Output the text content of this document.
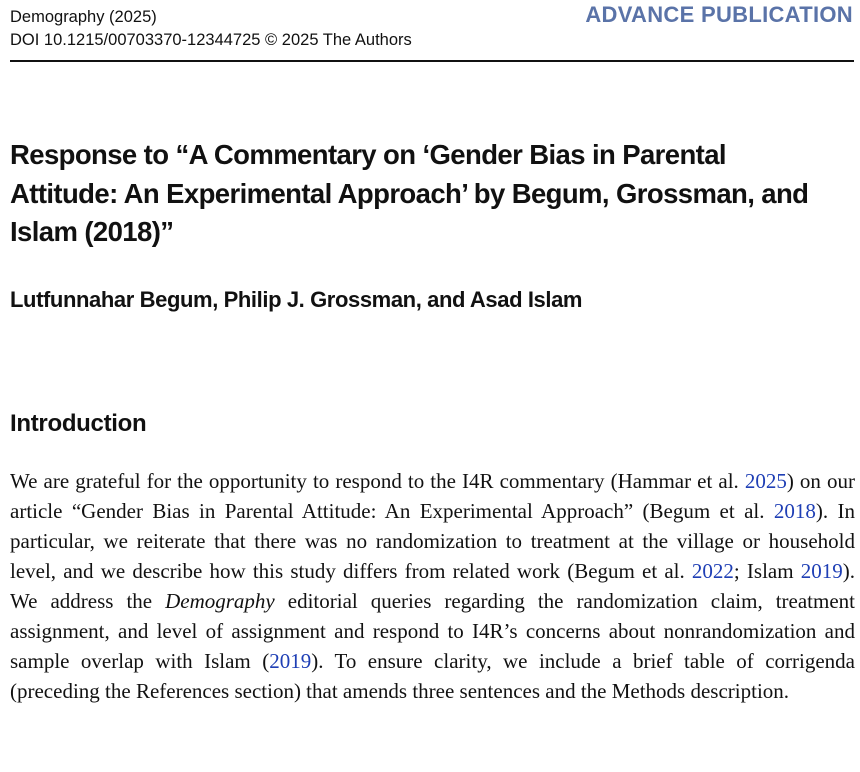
Demography (2025)
DOI 10.1215/00703370-12344725 © 2025 The Authors
ADVANCE PUBLICATION
Response to “A Commentary on ‘Gender Bias in Parental Attitude: An Experimental Approach’ by Begum, Grossman, and Islam (2018)”

Lutfunnahar Begum, Philip J. Grossman, and Asad Islam

Introduction

We are grateful for the opportunity to respond to the I4R commentary (Hammar et al. 2025) on our article “Gender Bias in Parental Attitude: An Experimental Approach” (Begum et al. 2018). In particular, we reiterate that there was no randomization to treatment at the village or household level, and we describe how this study differs from related work (Begum et al. 2022; Islam 2019). We address the Demography editorial queries regarding the randomization claim, treatment assignment, and level of assignment and respond to I4R’s concerns about nonrandomization and sample overlap with Islam (2019). To ensure clarity, we include a brief table of corrigenda (preceding the References section) that amends three sentences and the Methods description.
